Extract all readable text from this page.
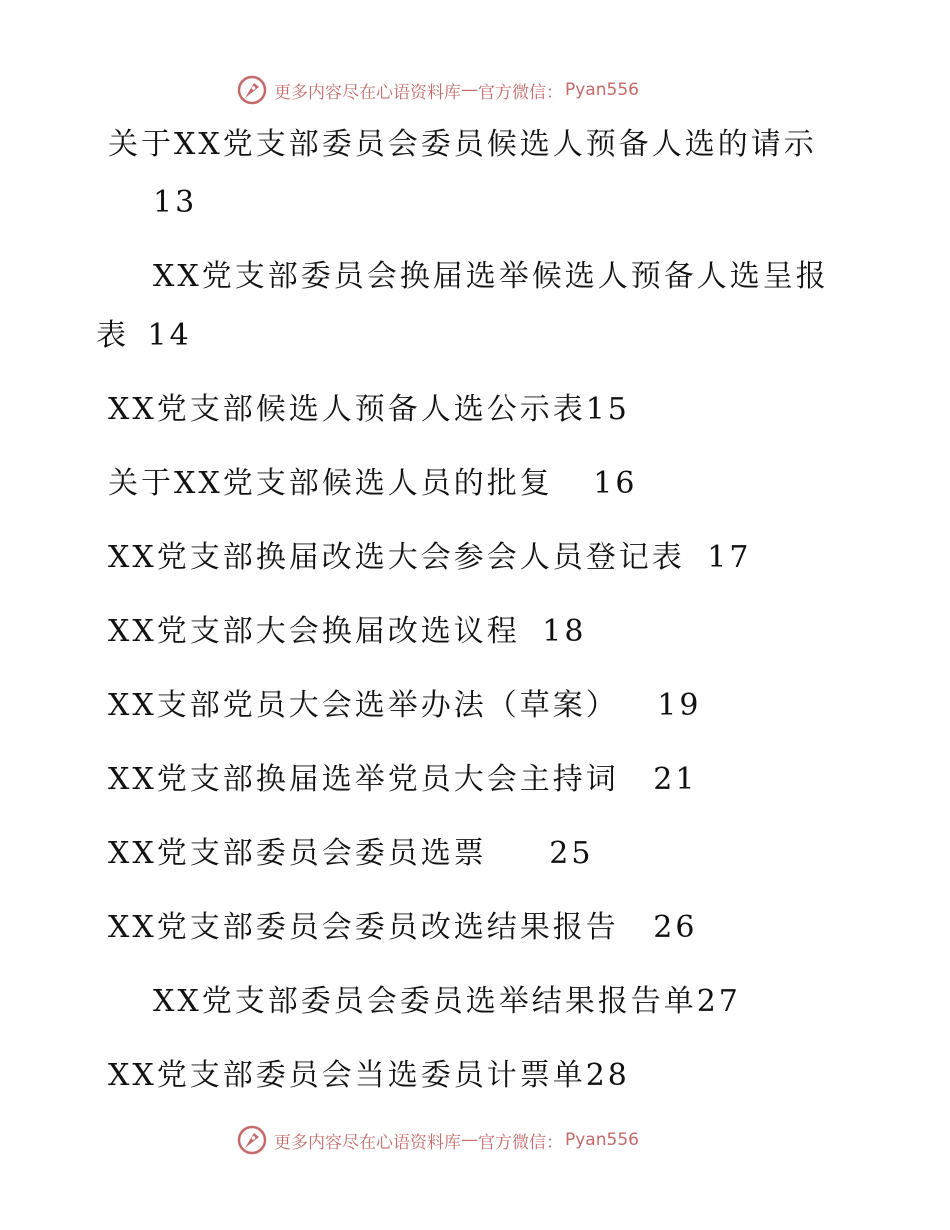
更多内容尽在心语资料库 — 官方微信： Pyan556
关于XX党支部委员会委员候选人预备人选的请示
13
XX党支部委员会换届选举候选人预备人选呈报
表 14
XX党支部候选人预备人选公示表15
关于XX党支部候选人员的批复 16
XX党支部换届改选大会参会人员登记表 17
XX党支部大会换届改选议程 18
XX支部党员大会选举办法（草案） 19
XX党支部换届选举党员大会主持词 21
XX党支部委员会委员选票 25
XX党支部委员会委员改选结果报告 26
XX党支部委员会委员选举结果报告单27
XX党支部委员会当选委员计票单28
更多内容尽在心语资料库 — 官方微信： Pyan556
